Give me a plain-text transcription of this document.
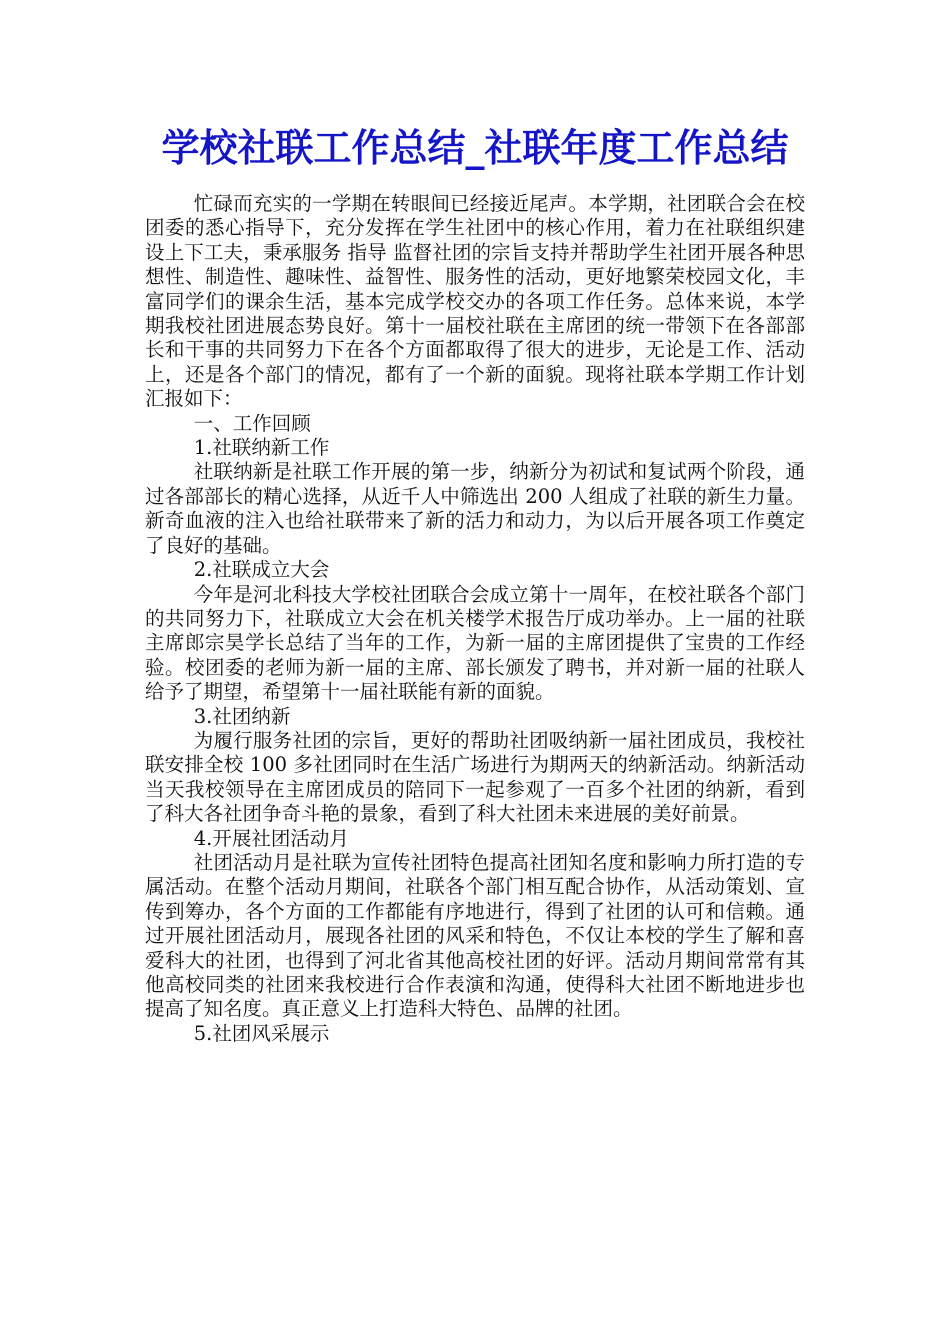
学校社联工作总结_社联年度工作总结

忙碌而充实的一学期在转眼间已经接近尾声。本学期，社团联合会在校团委的悉心指导下，充分发挥在学生社团中的核心作用，着力在社联组织建设上下工夫，秉承服务 指导 监督社团的宗旨支持并帮助学生社团开展各种思想性、制造性、趣味性、益智性、服务性的活动，更好地繁荣校园文化，丰富同学们的课余生活，基本完成学校交办的各项工作任务。总体来说，本学期我校社团进展态势良好。第十一届校社联在主席团的统一带领下在各部部长和干事的共同努力下在各个方面都取得了很大的进步，无论是工作、活动上，还是各个部门的情况，都有了一个新的面貌。现将社联本学期工作计划汇报如下：

一、工作回顾

1.社联纳新工作

社联纳新是社联工作开展的第一步，纳新分为初试和复试两个阶段，通过各部部长的精心选择，从近千人中筛选出 200 人组成了社联的新生力量。新奇血液的注入也给社联带来了新的活力和动力，为以后开展各项工作奠定了良好的基础。

2.社联成立大会

今年是河北科技大学校社团联合会成立第十一周年，在校社联各个部门的共同努力下，社联成立大会在机关楼学术报告厅成功举办。上一届的社联主席郎宗昊学长总结了当年的工作，为新一届的主席团提供了宝贵的工作经验。校团委的老师为新一届的主席、部长颁发了聘书，并对新一届的社联人给予了期望，希望第十一届社联能有新的面貌。

3.社团纳新

为履行服务社团的宗旨，更好的帮助社团吸纳新一届社团成员，我校社联安排全校 100 多社团同时在生活广场进行为期两天的纳新活动。纳新活动当天我校领导在主席团成员的陪同下一起参观了一百多个社团的纳新，看到了科大各社团争奇斗艳的景象，看到了科大社团未来进展的美好前景。

4.开展社团活动月

社团活动月是社联为宣传社团特色提高社团知名度和影响力所打造的专属活动。在整个活动月期间，社联各个部门相互配合协作，从活动策划、宣传到筹办，各个方面的工作都能有序地进行，得到了社团的认可和信赖。通过开展社团活动月，展现各社团的风采和特色，不仅让本校的学生了解和喜爱科大的社团，也得到了河北省其他高校社团的好评。活动月期间常常有其他高校同类的社团来我校进行合作表演和沟通，使得科大社团不断地进步也提高了知名度。真正意义上打造科大特色、品牌的社团。

5.社团风采展示
